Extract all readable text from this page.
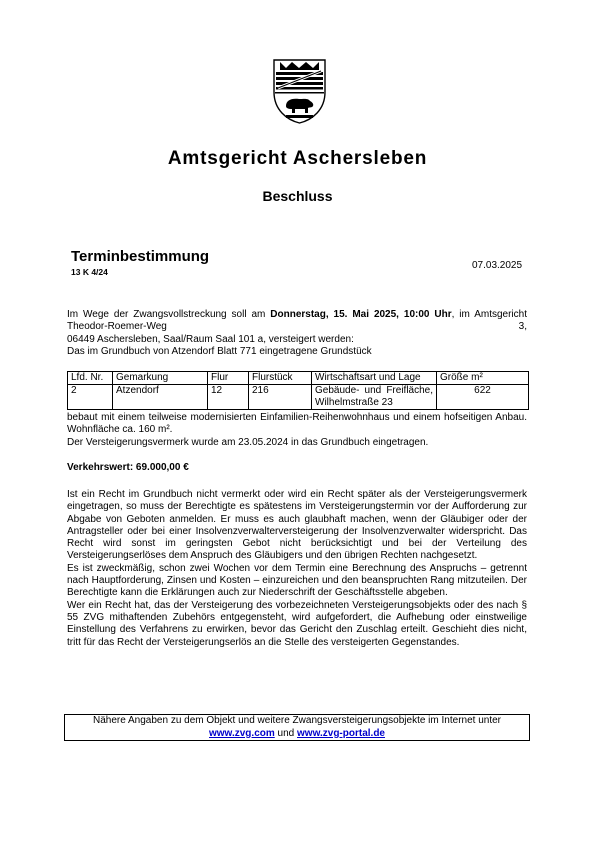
Amtsgericht Aschersleben
Beschluss
Terminbestimmung
13 K 4/24
07.03.2025
Im Wege der Zwangsvollstreckung soll am Donnerstag, 15. Mai 2025, 10:00 Uhr, im Amtsgericht Theodor-Roemer-Weg 3,
06449 Aschersleben, Saal/Raum Saal 101 a, versteigert werden:
Das im Grundbuch von Atzendorf Blatt 771 eingetragene Grundstück
Lfd. Nr.	Gemarkung	Flur	Flurstück	Wirtschaftsart und Lage	Größe m²
2	Atzendorf	12	216	Gebäude- und Freifläche, Wilhelmstraße 23	622
bebaut mit einem teilweise modernisierten Einfamilien-Reihenwohnhaus und einem hofseitigen Anbau. Wohnfläche ca. 160 m².
Der Versteigerungsvermerk wurde am 23.05.2024 in das Grundbuch eingetragen.
Verkehrswert: 69.000,00 €
Ist ein Recht im Grundbuch nicht vermerkt oder wird ein Recht später als der Versteigerungsvermerk eingetragen, so muss der Berechtigte es spätestens im Versteigerungstermin vor der Aufforderung zur Abgabe von Geboten anmelden. Er muss es auch glaubhaft machen, wenn der Gläubiger oder der Antragsteller oder bei einer Insolvenzverwalterversteigerung der Insolvenzverwalter widerspricht. Das Recht wird sonst im geringsten Gebot nicht berücksichtigt und bei der Verteilung des Versteigerungserlöses dem Anspruch des Gläubigers und den übrigen Rechten nachgesetzt.
Es ist zweckmäßig, schon zwei Wochen vor dem Termin eine Berechnung des Anspruchs – getrennt nach Hauptforderung, Zinsen und Kosten – einzureichen und den beanspruchten Rang mitzuteilen. Der Berechtigte kann die Erklärungen auch zur Niederschrift der Geschäftsstelle abgeben.
Wer ein Recht hat, das der Versteigerung des vorbezeichneten Versteigerungsobjekts oder des nach § 55 ZVG mithaftenden Zubehörs entgegensteht, wird aufgefordert, die Aufhebung oder einstweilige Einstellung des Verfahrens zu erwirken, bevor das Gericht den Zuschlag erteilt. Geschieht dies nicht, tritt für das Recht der Versteigerungserlös an die Stelle des versteigerten Gegenstandes.
Nähere Angaben zu dem Objekt und weitere Zwangsversteigerungsobjekte im Internet unter
www.zvg.com und www.zvg-portal.de
